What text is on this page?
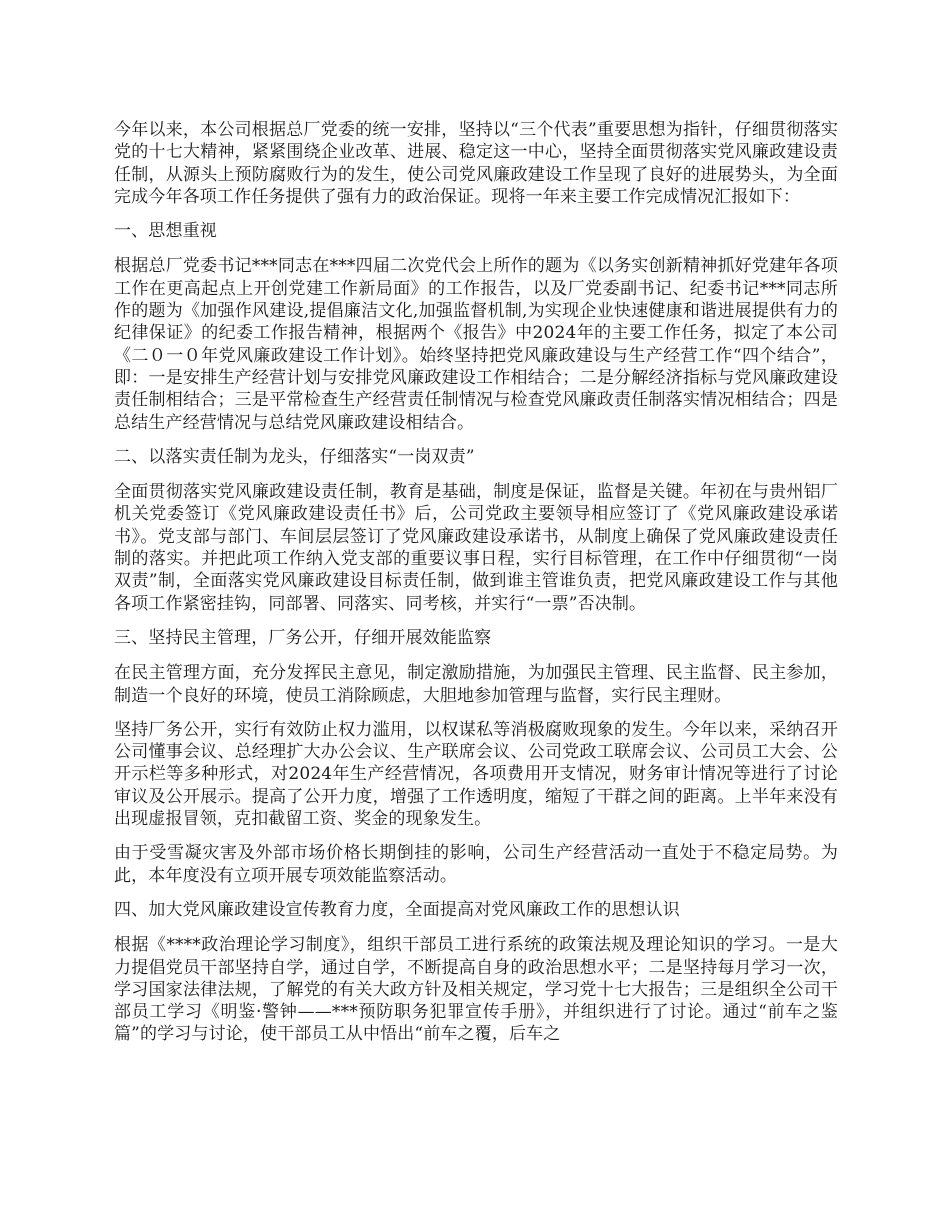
今年以来，本公司根据总厂党委的统一安排，坚持以“三个代表”重要思想为指针，仔细贯彻落实党的十七大精神，紧紧围绕企业改革、进展、稳定这一中心，坚持全面贯彻落实党风廉政建设责任制，从源头上预防腐败行为的发生，使公司党风廉政建设工作呈现了良好的进展势头，为全面完成今年各项工作任务提供了强有力的政治保证。现将一年来主要工作完成情况汇报如下：

一、思想重视

根据总厂党委书记***同志在***四届二次党代会上所作的题为《以务实创新精神抓好党建年各项工作在更高起点上开创党建工作新局面》的工作报告，以及厂党委副书记、纪委书记***同志所作的题为《加强作风建设,提倡廉洁文化,加强监督机制,为实现企业快速健康和谐进展提供有力的纪律保证》的纪委工作报告精神，根据两个《报告》中2024年的主要工作任务，拟定了本公司《二０一０年党风廉政建设工作计划》。始终坚持把党风廉政建设与生产经营工作“四个结合”，即：一是安排生产经营计划与安排党风廉政建设工作相结合；二是分解经济指标与党风廉政建设责任制相结合；三是平常检查生产经营责任制情况与检查党风廉政责任制落实情况相结合；四是总结生产经营情况与总结党风廉政建设相结合。

二、以落实责任制为龙头，仔细落实“一岗双责”

全面贯彻落实党风廉政建设责任制，教育是基础，制度是保证，监督是关键。年初在与贵州铝厂机关党委签订《党风廉政建设责任书》后，公司党政主要领导相应签订了《党风廉政建设承诺书》。党支部与部门、车间层层签订了党风廉政建设承诺书，从制度上确保了党风廉政建设责任制的落实。并把此项工作纳入党支部的重要议事日程，实行目标管理，在工作中仔细贯彻“一岗双责”制，全面落实党风廉政建设目标责任制，做到谁主管谁负责，把党风廉政建设工作与其他各项工作紧密挂钩，同部署、同落实、同考核，并实行“一票”否决制。

三、坚持民主管理，厂务公开，仔细开展效能监察

在民主管理方面，充分发挥民主意见，制定激励措施，为加强民主管理、民主监督、民主参加，制造一个良好的环境，使员工消除顾虑，大胆地参加管理与监督，实行民主理财。

坚持厂务公开，实行有效防止权力滥用，以权谋私等消极腐败现象的发生。今年以来，采纳召开公司懂事会议、总经理扩大办公会议、生产联席会议、公司党政工联席会议、公司员工大会、公开示栏等多种形式，对2024年生产经营情况，各项费用开支情况，财务审计情况等进行了讨论审议及公开展示。提高了公开力度，增强了工作透明度，缩短了干群之间的距离。上半年来没有出现虚报冒领，克扣截留工资、奖金的现象发生。

由于受雪凝灾害及外部市场价格长期倒挂的影响，公司生产经营活动一直处于不稳定局势。为此，本年度没有立项开展专项效能监察活动。

四、加大党风廉政建设宣传教育力度，全面提高对党风廉政工作的思想认识

根据《****政治理论学习制度》，组织干部员工进行系统的政策法规及理论知识的学习。一是大力提倡党员干部坚持自学，通过自学，不断提高自身的政治思想水平；二是坚持每月学习一次，学习国家法律法规，了解党的有关大政方针及相关规定，学习党十七大报告；三是组织全公司干部员工学习《明鉴·警钟——***预防职务犯罪宣传手册》，并组织进行了讨论。通过“前车之鉴篇”的学习与讨论，使干部员工从中悟出“前车之覆，后车之
